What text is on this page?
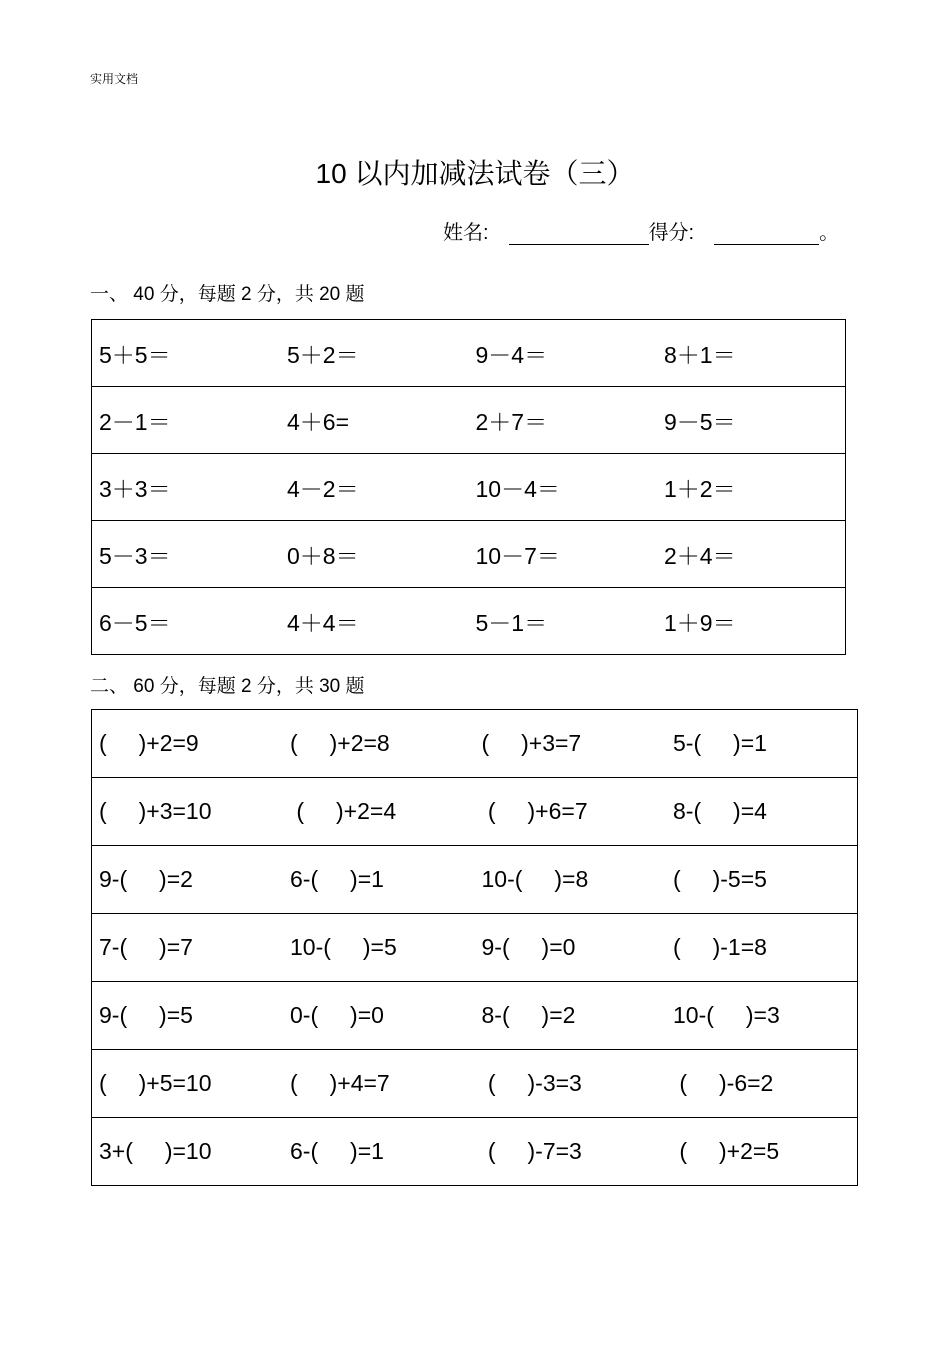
实用文档
10 以内加减法试卷（三）
姓名:	得分:	。
一、 40 分，每题 2 分，共 20 题
5＋5＝	5＋2＝	9－4＝	8＋1＝
2－1＝	4＋6=	2＋7＝	9－5＝
3＋3＝	4－2＝	10－4＝	1＋2＝
5－3＝	0＋8＝	10－7＝	2＋4＝
6－5＝	4＋4＝	5－1＝	1＋9＝
二、 60 分，每题 2 分，共 30 题
(     )+2=9	(     )+2=8	(     )+3=7	5-(     )=1
(     )+3=10	(     )+2=4	(     )+6=7	8-(     )=4
9-(     )=2	6-(     )=1	10-(     )=8	(     )-5=5
7-(     )=7	10-(     )=5	9-(     )=0	(     )-1=8
9-(     )=5	0-(     )=0	8-(     )=2	10-(     )=3
(     )+5=10	(     )+4=7	(     )-3=3	(     )-6=2
3+(     )=10	6-(     )=1	(     )-7=3	(     )+2=5
